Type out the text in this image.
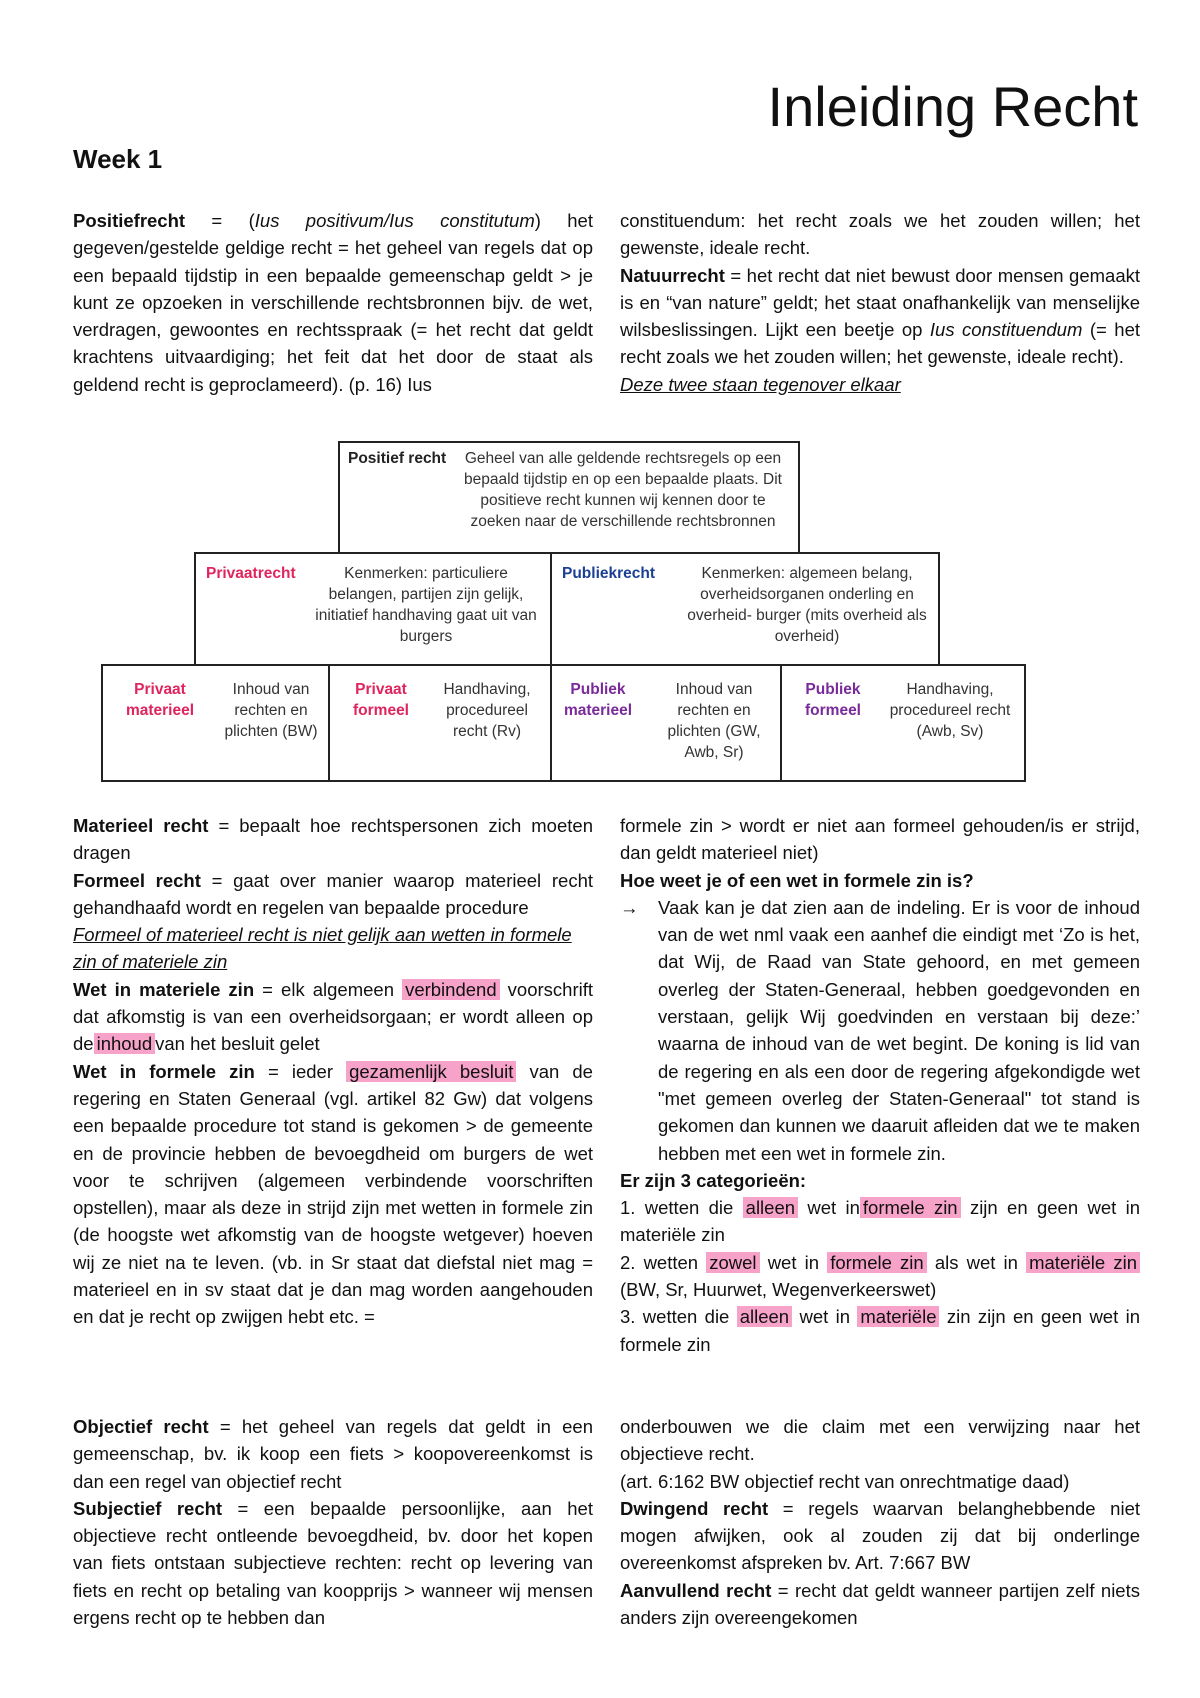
Inleiding Recht
Week 1

Positiefrecht = (Ius positivum/Ius constitutum) het gegeven/gestelde geldige recht = het geheel van regels dat op een bepaald tijdstip in een bepaalde gemeenschap geldt > je kunt ze opzoeken in verschillende rechtsbronnen bijv. de wet, verdragen, gewoontes en rechtsspraak (= het recht dat geldt krachtens uitvaardiging; het feit dat het door de staat als geldend recht is geproclameerd). (p. 16) Ius

constituendum: het recht zoals we het zouden willen; het gewenste, ideale recht.

Natuurrecht = het recht dat niet bewust door mensen gemaakt is en “van nature” geldt; het staat onafhankelijk van menselijke wilsbeslissingen. Lijkt een beetje op Ius constituendum (= het recht zoals we het zouden willen; het gewenste, ideale recht).

Deze twee staan tegenover elkaar

Positief recht	Geheel van alle geldende rechtsregels op een bepaald tijdstip en op een bepaalde plaats. Dit positieve recht kunnen wij kennen door te zoeken naar de verschillende rechtsbronnen
Privaatrecht	Kenmerken: particuliere belangen, partijen zijn gelijk, initiatief handhaving gaat uit van burgers
Publiekrecht	Kenmerken: algemeen belang, overheidsorganen onderling en overheid- burger (mits overheid als overheid)
Privaat materieel
Inhoud van rechten en plichten (BW)
Privaat formeel
Handhaving, procedureel recht (Rv)
Publiek materieel
Inhoud van rechten en plichten (GW, Awb, Sr)
Publiek formeel
Handhaving, procedureel recht (Awb, Sv)

Materieel recht = bepaalt hoe rechtspersonen zich moeten dragen

Formeel recht = gaat over manier waarop materieel recht gehandhaafd wordt en regelen van bepaalde procedure

Formeel of materieel recht is niet gelijk aan wetten in formele zin of materiele zin

Wet in materiele zin = elk algemeen verbindend voorschrift dat afkomstig is van een overheidsorgaan; er wordt alleen op de inhoud van het besluit gelet

Wet in formele zin = ieder gezamenlijk besluit van de regering en Staten Generaal (vgl. artikel 82 Gw) dat volgens een bepaalde procedure tot stand is gekomen > de gemeente en de provincie hebben de bevoegdheid om burgers de wet voor te schrijven (algemeen verbindende voorschriften opstellen), maar als deze in strijd zijn met wetten in formele zin (de hoogste wet afkomstig van de hoogste wetgever) hoeven wij ze niet na te leven. (vb. in Sr staat dat diefstal niet mag = materieel en in sv staat dat je dan mag worden aangehouden en dat je recht op zwijgen hebt etc. =

formele zin > wordt er niet aan formeel gehouden/is er strijd, dan geldt materieel niet)

Hoe weet je of een wet in formele zin is?

→	Vaak kan je dat zien aan de indeling. Er is voor de inhoud van de wet nml vaak een aanhef die eindigt met ‘Zo is het, dat Wij, de Raad van State gehoord, en met gemeen overleg der Staten-Generaal, hebben goedgevonden en verstaan, gelijk Wij goedvinden en verstaan bij deze:’ waarna de inhoud van de wet begint. De koning is lid van de regering en als een door de regering afgekondigde wet "met gemeen overleg der Staten-Generaal" tot stand is gekomen dan kunnen we daaruit afleiden dat we te maken hebben met een wet in formele zin.

Er zijn 3 categorieën:

1. wetten die alleen wet in formele zin zijn en geen wet in materiële zin

2. wetten zowel wet in formele zin als wet in materiële zin (BW, Sr, Huurwet, Wegenverkeerswet)

3. wetten die alleen wet in materiële zin zijn en geen wet in formele zin

Objectief recht = het geheel van regels dat geldt in een gemeenschap, bv. ik koop een fiets > koopovereenkomst is dan een regel van objectief recht

Subjectief recht = een bepaalde persoonlijke, aan het objectieve recht ontleende bevoegdheid, bv. door het kopen van fiets ontstaan subjectieve rechten: recht op levering van fiets en recht op betaling van koopprijs > wanneer wij mensen ergens recht op te hebben dan

onderbouwen we die claim met een verwijzing naar het objectieve recht.

(art. 6:162 BW objectief recht van onrechtmatige daad)

Dwingend recht = regels waarvan belanghebbende niet mogen afwijken, ook al zouden zij dat bij onderlinge overeenkomst afspreken bv. Art. 7:667 BW

Aanvullend recht = recht dat geldt wanneer partijen zelf niets anders zijn overeengekomen
